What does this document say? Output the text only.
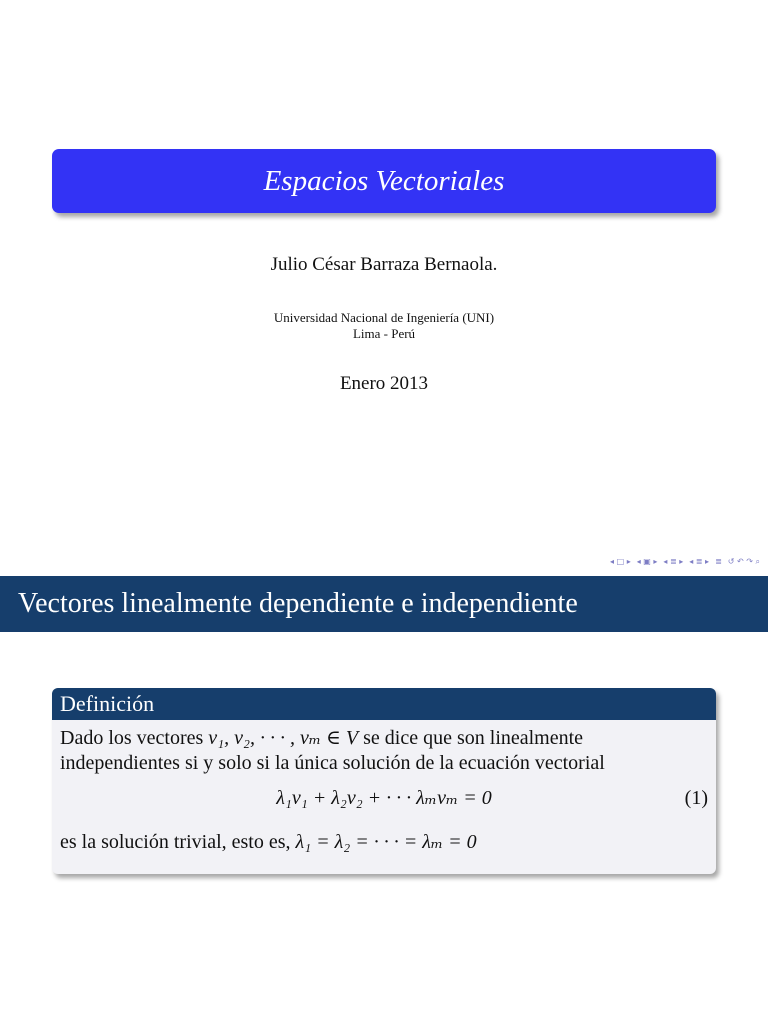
Espacios Vectoriales
Julio César Barraza Bernaola.
Universidad Nacional de Ingeniería (UNI)
Lima - Perú
Enero 2013
◂ □ ▸ ◂ ▣ ▸ ◂ ≣ ▸ ◂ ≣ ▸ ≣ ↺ ↶ ↷ ⌕
Vectores linealmente dependiente e independiente
Definición
Dado los vectores v₁, v₂, · · · , vₘ ∈ V se dice que son linealmente
independientes si y solo si la única solución de la ecuación vectorial
λ₁v₁ + λ₂v₂ + · · · λₘvₘ = 0	(1)
es la solución trivial, esto es, λ₁ = λ₂ = · · · = λₘ = 0
